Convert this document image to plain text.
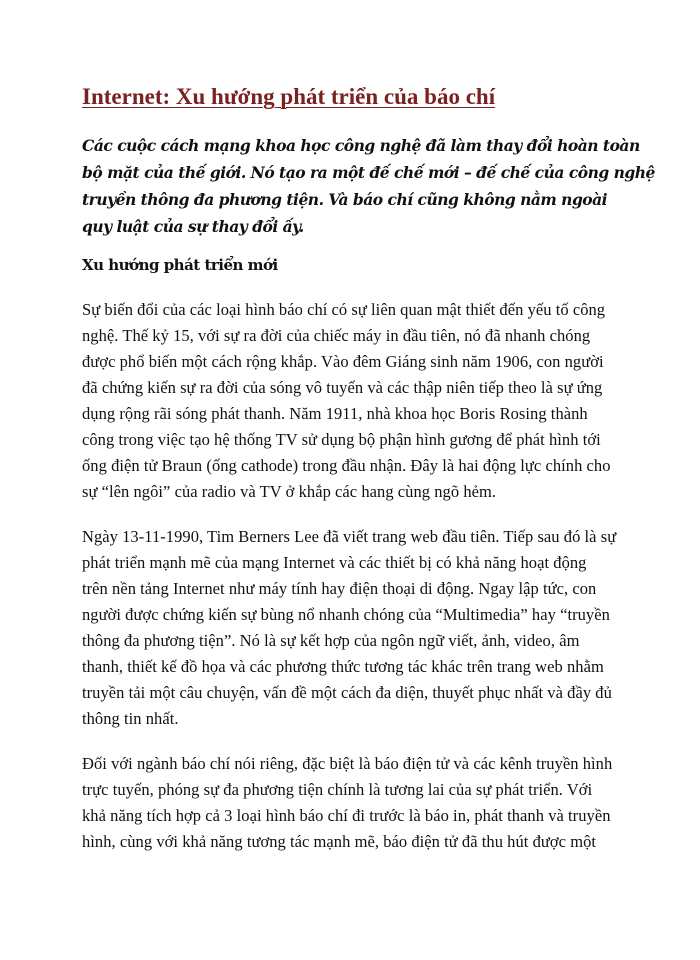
Internet: Xu hướng phát triển của báo chí

Các cuộc cách mạng khoa học công nghệ đã làm thay đổi hoàn toàn
bộ mặt của thế giới. Nó tạo ra một đế chế mới – đế chế của công nghệ
truyền thông đa phương tiện. Và báo chí cũng không nằm ngoài
quy luật của sự thay đổi ấy.

Xu hướng phát triển mới

Sự biến đổi của các loại hình báo chí có sự liên quan mật thiết đến yếu tố công
nghệ. Thế kỷ 15, với sự ra đời của chiếc máy in đầu tiên, nó đã nhanh chóng
được phổ biến một cách rộng khắp. Vào đêm Giáng sinh năm 1906, con người
đã chứng kiến sự ra đời của sóng vô tuyến và các thập niên tiếp theo là sự ứng
dụng rộng rãi sóng phát thanh. Năm 1911, nhà khoa học Boris Rosing thành
công trong việc tạo hệ thống TV sử dụng bộ phận hình gương để phát hình tới
ống điện tử Braun (ống cathode) trong đầu nhận. Đây là hai động lực chính cho
sự “lên ngôi” của radio và TV ở khắp các hang cùng ngõ hẻm.

Ngày 13-11-1990, Tim Berners Lee đã viết trang web đầu tiên. Tiếp sau đó là sự
phát triển mạnh mẽ của mạng Internet và các thiết bị có khả năng hoạt động
trên nền tảng Internet như máy tính hay điện thoại di động. Ngay lập tức, con
người được chứng kiến sự bùng nổ nhanh chóng của “Multimedia” hay “truyền
thông đa phương tiện”. Nó là sự kết hợp của ngôn ngữ viết, ảnh, video, âm
thanh, thiết kế đồ họa và các phương thức tương tác khác trên trang web nhằm
truyền tải một câu chuyện, vấn đề một cách đa diện, thuyết phục nhất và đầy đủ
thông tin nhất.

Đối với ngành báo chí nói riêng, đặc biệt là báo điện tử và các kênh truyền hình
trực tuyến, phóng sự đa phương tiện chính là tương lai của sự phát triển. Với
khả năng tích hợp cả 3 loại hình báo chí đi trước là báo in, phát thanh và truyền
hình, cùng với khả năng tương tác mạnh mẽ, báo điện tử đã thu hút được một
